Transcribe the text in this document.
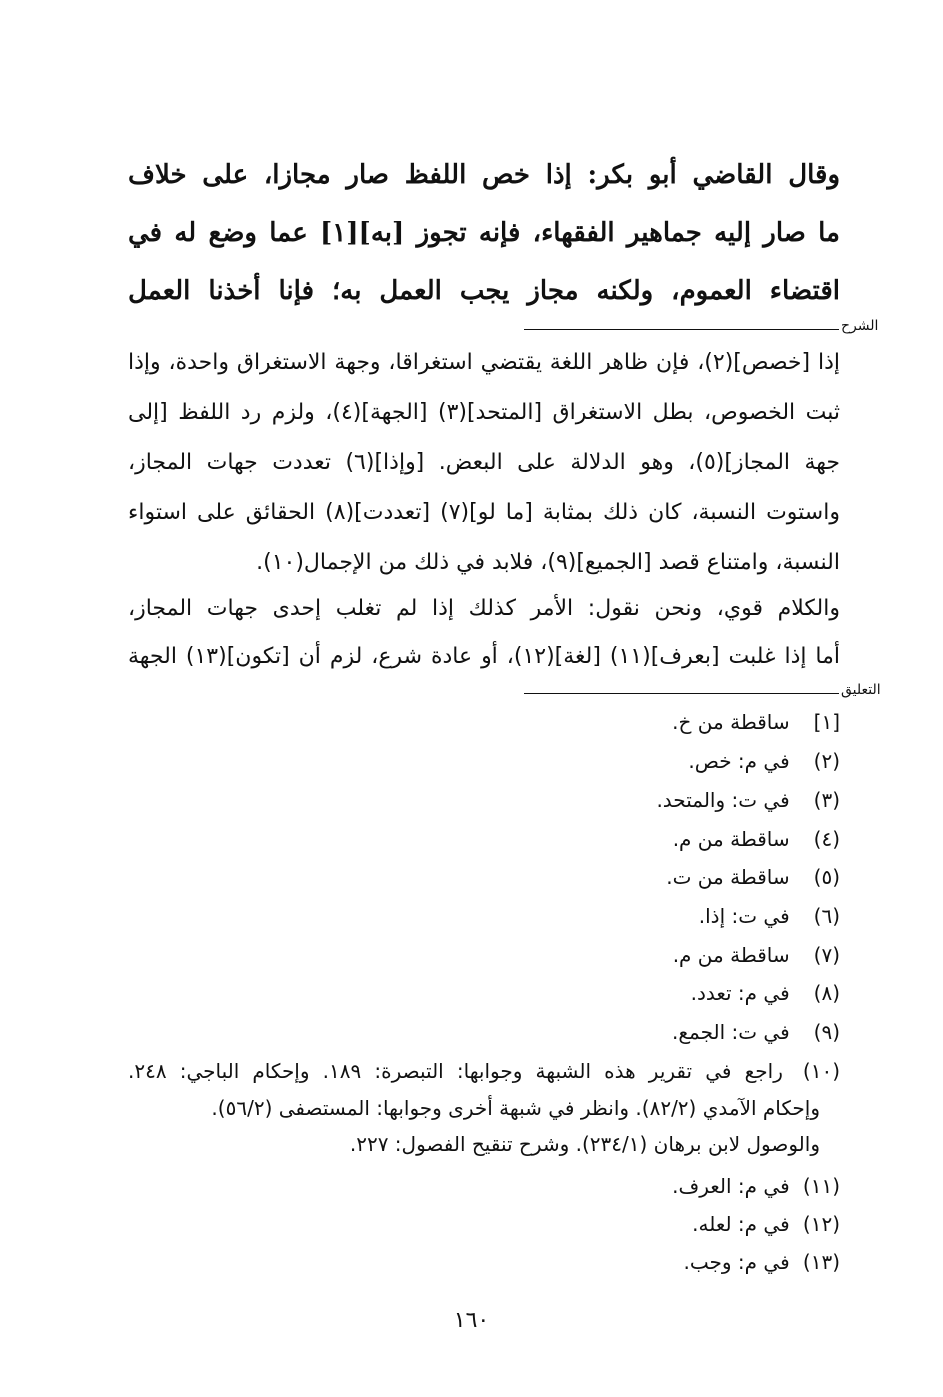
وقال القاضي أبو بكر: إذا خص اللفظ صار مجازا، على خلاف
ما صار إليه جماهير الفقهاء، فإنه تجوز [به][١] عما وضع له في
اقتضاء العموم، ولكنه مجاز يجب العمل به؛ فإنا أخذنا العمل
الشرح
إذا [خصص](٢)، فإن ظاهر اللغة يقتضي استغراقا، وجهة الاستغراق واحدة، وإذا
ثبت الخصوص، بطل الاستغراق [المتحد](٣) [الجهة](٤)، ولزم رد اللفظ [إلى
جهة المجاز](٥)، وهو الدلالة على البعض. [وإذا](٦) تعددت جهات المجاز،
واستوت النسبة، كان ذلك بمثابة [ما لو](٧) [تعددت](٨) الحقائق على استواء
النسبة، وامتناع قصد [الجميع](٩)، فلابد في ذلك من الإجمال(١٠).
والكلام قوي، ونحن نقول: الأمر كذلك إذا لم تغلب إحدى جهات المجاز،
أما إذا غلبت [بعرف](١١) [لغة](١٢)، أو عادة شرع، لزم أن [تكون](١٣) الجهة
التعليق
[١] ساقطة من خ.
(٢) في م: خص.
(٣) في ت: والمتحد.
(٤) ساقطة من م.
(٥) ساقطة من ت.
(٦) في ت: إذا.
(٧) ساقطة من م.
(٨) في م: تعدد.
(٩) في ت: الجمع.
(١٠) راجع في تقرير هذه الشبهة وجوابها: التبصرة: ١٨٩. وإحكام الباجي: ٢٤٨.
وإحكام الآمدي (٨٢/٢). وانظر في شبهة أخرى وجوابها: المستصفى (٥٦/٢).
والوصول لابن برهان (٢٣٤/١). وشرح تنقيح الفصول: ٢٢٧.
(١١) في م: العرف.
(١٢) في م: لعله.
(١٣) في م: وجب.
١٦٠
